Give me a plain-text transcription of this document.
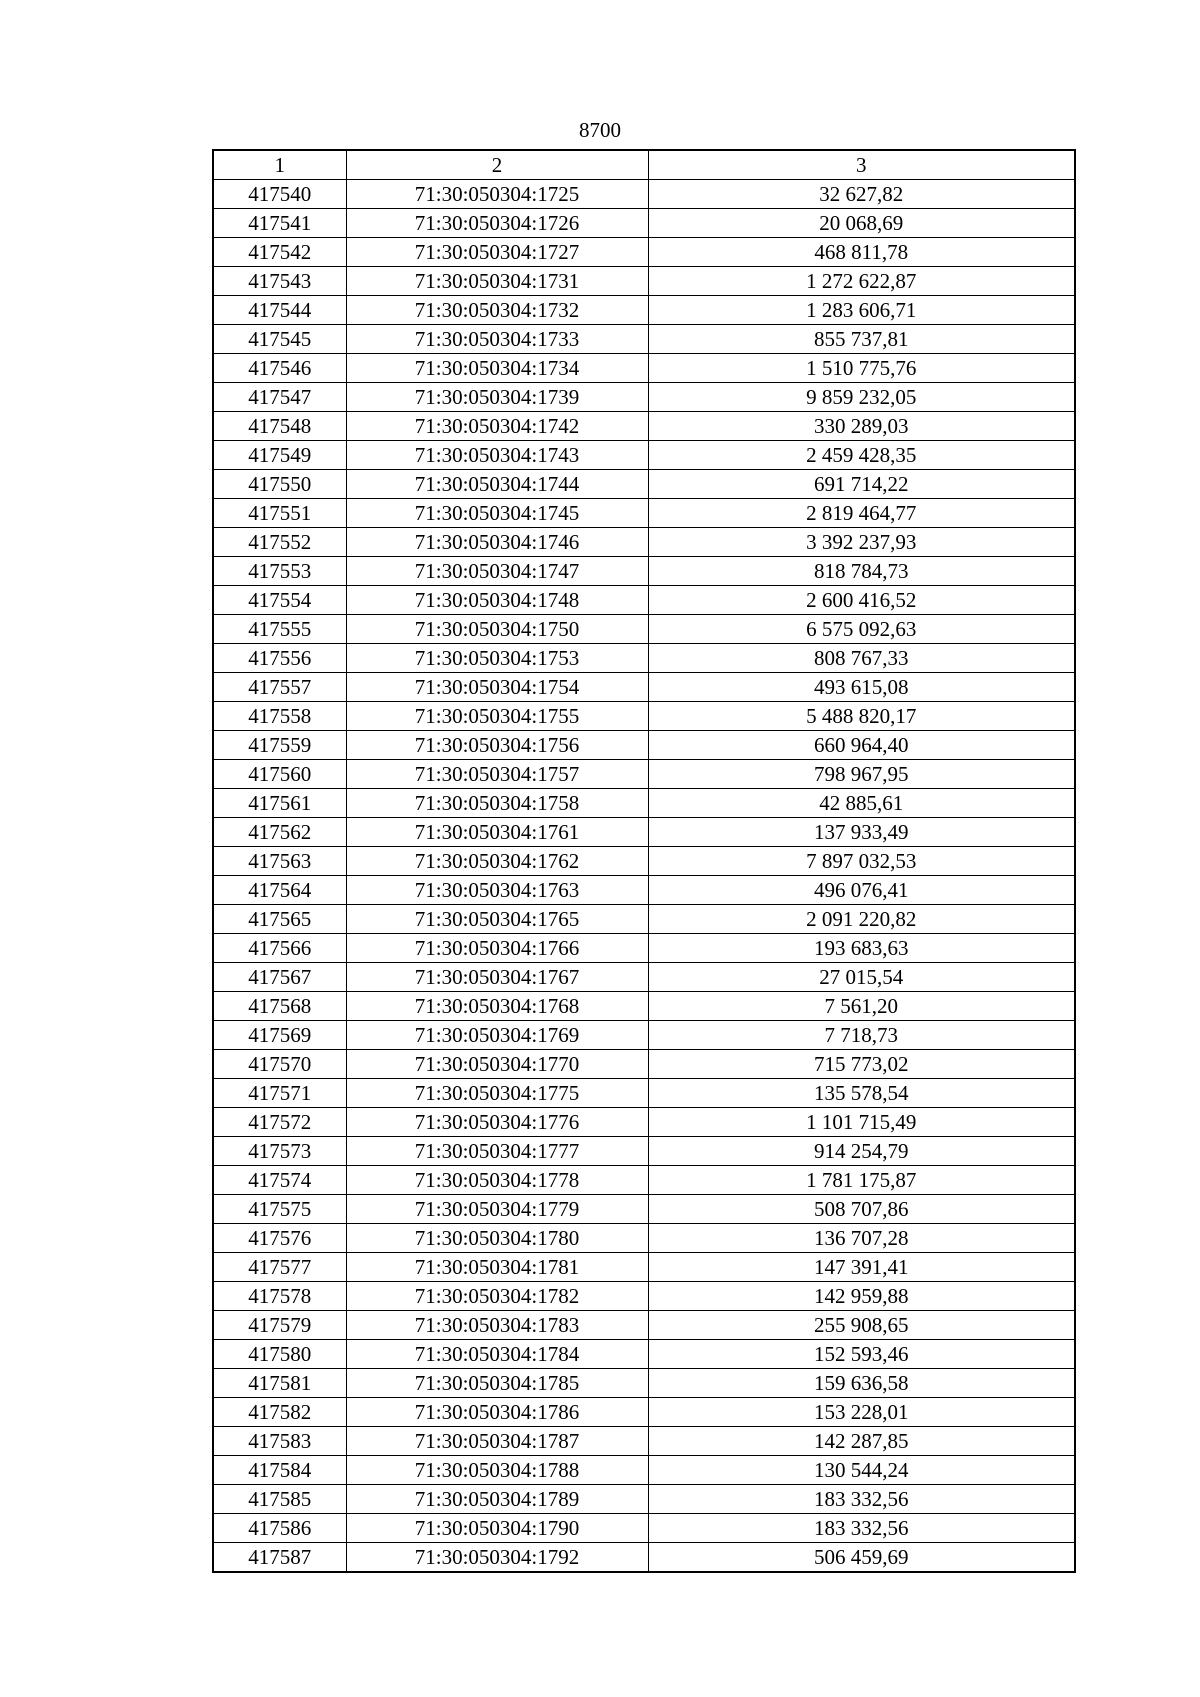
8700
1	2	3
417540	71:30:050304:1725	32 627,82
417541	71:30:050304:1726	20 068,69
417542	71:30:050304:1727	468 811,78
417543	71:30:050304:1731	1 272 622,87
417544	71:30:050304:1732	1 283 606,71
417545	71:30:050304:1733	855 737,81
417546	71:30:050304:1734	1 510 775,76
417547	71:30:050304:1739	9 859 232,05
417548	71:30:050304:1742	330 289,03
417549	71:30:050304:1743	2 459 428,35
417550	71:30:050304:1744	691 714,22
417551	71:30:050304:1745	2 819 464,77
417552	71:30:050304:1746	3 392 237,93
417553	71:30:050304:1747	818 784,73
417554	71:30:050304:1748	2 600 416,52
417555	71:30:050304:1750	6 575 092,63
417556	71:30:050304:1753	808 767,33
417557	71:30:050304:1754	493 615,08
417558	71:30:050304:1755	5 488 820,17
417559	71:30:050304:1756	660 964,40
417560	71:30:050304:1757	798 967,95
417561	71:30:050304:1758	42 885,61
417562	71:30:050304:1761	137 933,49
417563	71:30:050304:1762	7 897 032,53
417564	71:30:050304:1763	496 076,41
417565	71:30:050304:1765	2 091 220,82
417566	71:30:050304:1766	193 683,63
417567	71:30:050304:1767	27 015,54
417568	71:30:050304:1768	7 561,20
417569	71:30:050304:1769	7 718,73
417570	71:30:050304:1770	715 773,02
417571	71:30:050304:1775	135 578,54
417572	71:30:050304:1776	1 101 715,49
417573	71:30:050304:1777	914 254,79
417574	71:30:050304:1778	1 781 175,87
417575	71:30:050304:1779	508 707,86
417576	71:30:050304:1780	136 707,28
417577	71:30:050304:1781	147 391,41
417578	71:30:050304:1782	142 959,88
417579	71:30:050304:1783	255 908,65
417580	71:30:050304:1784	152 593,46
417581	71:30:050304:1785	159 636,58
417582	71:30:050304:1786	153 228,01
417583	71:30:050304:1787	142 287,85
417584	71:30:050304:1788	130 544,24
417585	71:30:050304:1789	183 332,56
417586	71:30:050304:1790	183 332,56
417587	71:30:050304:1792	506 459,69
